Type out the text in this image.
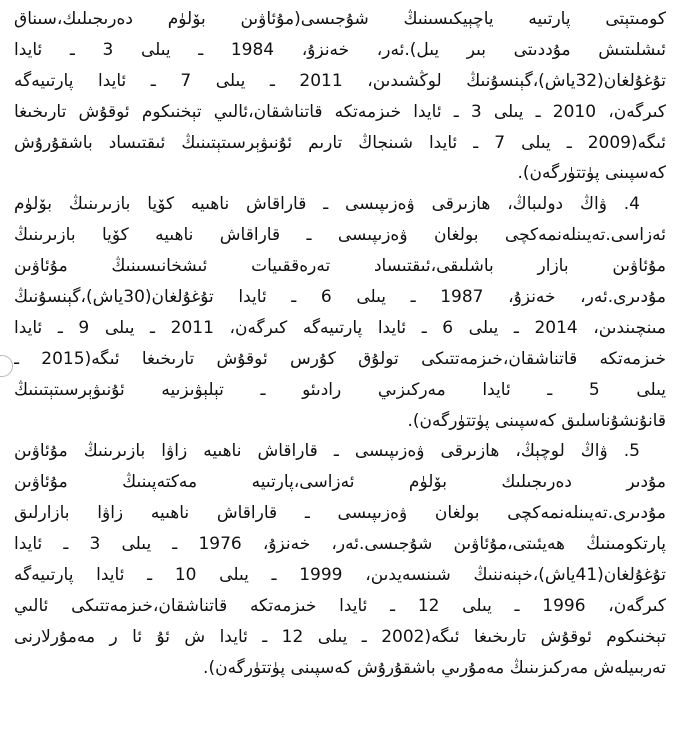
كومىتېتى پارتىيە ياچېيكىسىنىڭ شۇجىسى(مۇئاۋىن بۆلۈم دەرىجىلىك،سىناق
ئىشلىتىش مۇددىتى بىر يىل).ئەر، خەنزۇ، 1984 ـ يىلى 3 ـ ئايدا
تۇغۇلغان(32ياش)،گېنسۇنىڭ لوڭشىدىن، 2011 ـ يىلى 7 ـ ئايدا پارتىيەگە
كىرگەن، 2010 ـ يىلى 3 ـ ئايدا خىزمەتكە قاتناشقان،ئالىي تېخنىكوم ئوقۇش تارىخىغا
ئىگە(2009 ـ يىلى 7 ـ ئايدا شىنجاڭ تارىم ئۇنىۋېرسىتېتىنىڭ ئىقتىساد باشقۇرۇش
كەسپىنى پۈتتۈرگەن).
4. ۋاڭ دولىباڭ، ھازىرقى ۋەزىپىسى ـ قاراقاش ناھىيە كۆيا بازىرىنىڭ بۆلۈم
ئەزاسى.تەيىنلەنمەكچى بولغان ۋەزىپىسى ـ قاراقاش ناھىيە كۆيا بازىرىنىڭ
مۇئاۋىن بازار باشلىقى،ئىقتىساد تەرەققىيات ئىشخانىسىنىڭ مۇئاۋىن
مۇدىرى.ئەر، خەنزۇ، 1987 ـ يىلى 6 ـ ئايدا تۇغۇلغان(30ياش)،گېنسۇنىڭ
مىنچىندىن، 2014 ـ يىلى 6 ـ ئايدا پارتىيەگە كىرگەن، 2011 ـ يىلى 9 ـ ئايدا
خىزمەتكە قاتناشقان،خىزمەتتىكى تولۇق كۇرس ئوقۇش تارىخىغا ئىگە(2015 ـ
يىلى 5 ـ ئايدا مەركىزىي رادىئو ـ تېلېۋىزىيە ئۇنىۋېرسىتېتىنىڭ
قانۇنشۇناسلىق كەسپىنى پۈتتۈرگەن).
5. ۋاڭ لوچېڭ، ھازىرقى ۋەزىپىسى ـ قاراقاش ناھىيە زاۋا بازىرىنىڭ مۇئاۋىن
مۇدىر دەرىجىلىك بۆلۈم ئەزاسى،پارتىيە مەكتەپىنىڭ مۇئاۋىن
مۇدىرى.تەيىنلەنمەكچى بولغان ۋەزىپىسى ـ قاراقاش ناھىيە زاۋا بازارلىق
پارتكومىنىڭ ھەيئىتى،مۇئاۋىن شۇجىسى.ئەر، خەنزۇ، 1976 ـ يىلى 3 ـ ئايدا
تۇغۇلغان(41ياش)،خېنەننىڭ شىنسەيدىن، 1999 ـ يىلى 10 ـ ئايدا پارتىيەگە
كىرگەن، 1996 ـ يىلى 12 ـ ئايدا خىزمەتكە قاتناشقان،خىزمەتتىكى ئالىي
تېخنىكوم ئوقۇش تارىخىغا ئىگە(2002 ـ يىلى 12 ـ ئايدا ش ئۇ ئا ر مەمۇرلارنى
تەربىيلەش مەركىزىنىڭ مەمۇرىي باشقۇرۇش كەسپىنى پۈتتۈرگەن).
